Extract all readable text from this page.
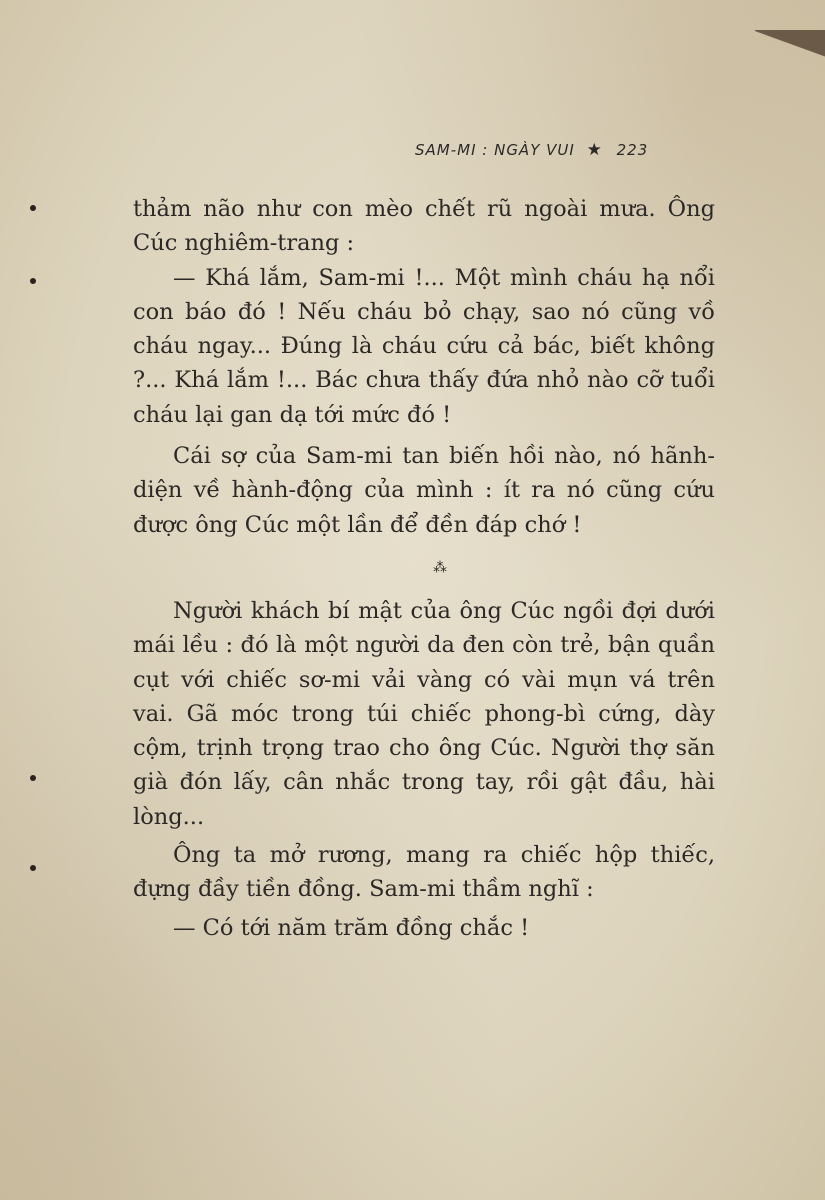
SAM-MI : NGÀY VUI ★ 223

thảm não như con mèo chết rũ ngoài mưa. Ông Cúc nghiêm-trang :

— Khá lắm, Sam-mi !... Một mình cháu hạ nổi con báo đó ! Nếu cháu bỏ chạy, sao nó cũng vồ cháu ngay... Đúng là cháu cứu cả bác, biết không ?... Khá lắm !... Bác chưa thấy đứa nhỏ nào cỡ tuổi cháu lại gan dạ tới mức đó !

Cái sợ của Sam-mi tan biến hồi nào, nó hãnh-diện về hành-động của mình : ít ra nó cũng cứu được ông Cúc một lần để đền đáp chớ !

⁂

Người khách bí mật của ông Cúc ngồi đợi dưới mái lều : đó là một người da đen còn trẻ, bận quần cụt với chiếc sơ-mi vải vàng có vài mụn vá trên vai. Gã móc trong túi chiếc phong-bì cứng, dày cộm, trịnh trọng trao cho ông Cúc. Người thợ săn già đón lấy, cân nhắc trong tay, rồi gật đầu, hài lòng...

Ông ta mở rương, mang ra chiếc hộp thiếc, đựng đầy tiền đồng. Sam-mi thầm nghĩ :

— Có tới năm trăm đồng chắc !
